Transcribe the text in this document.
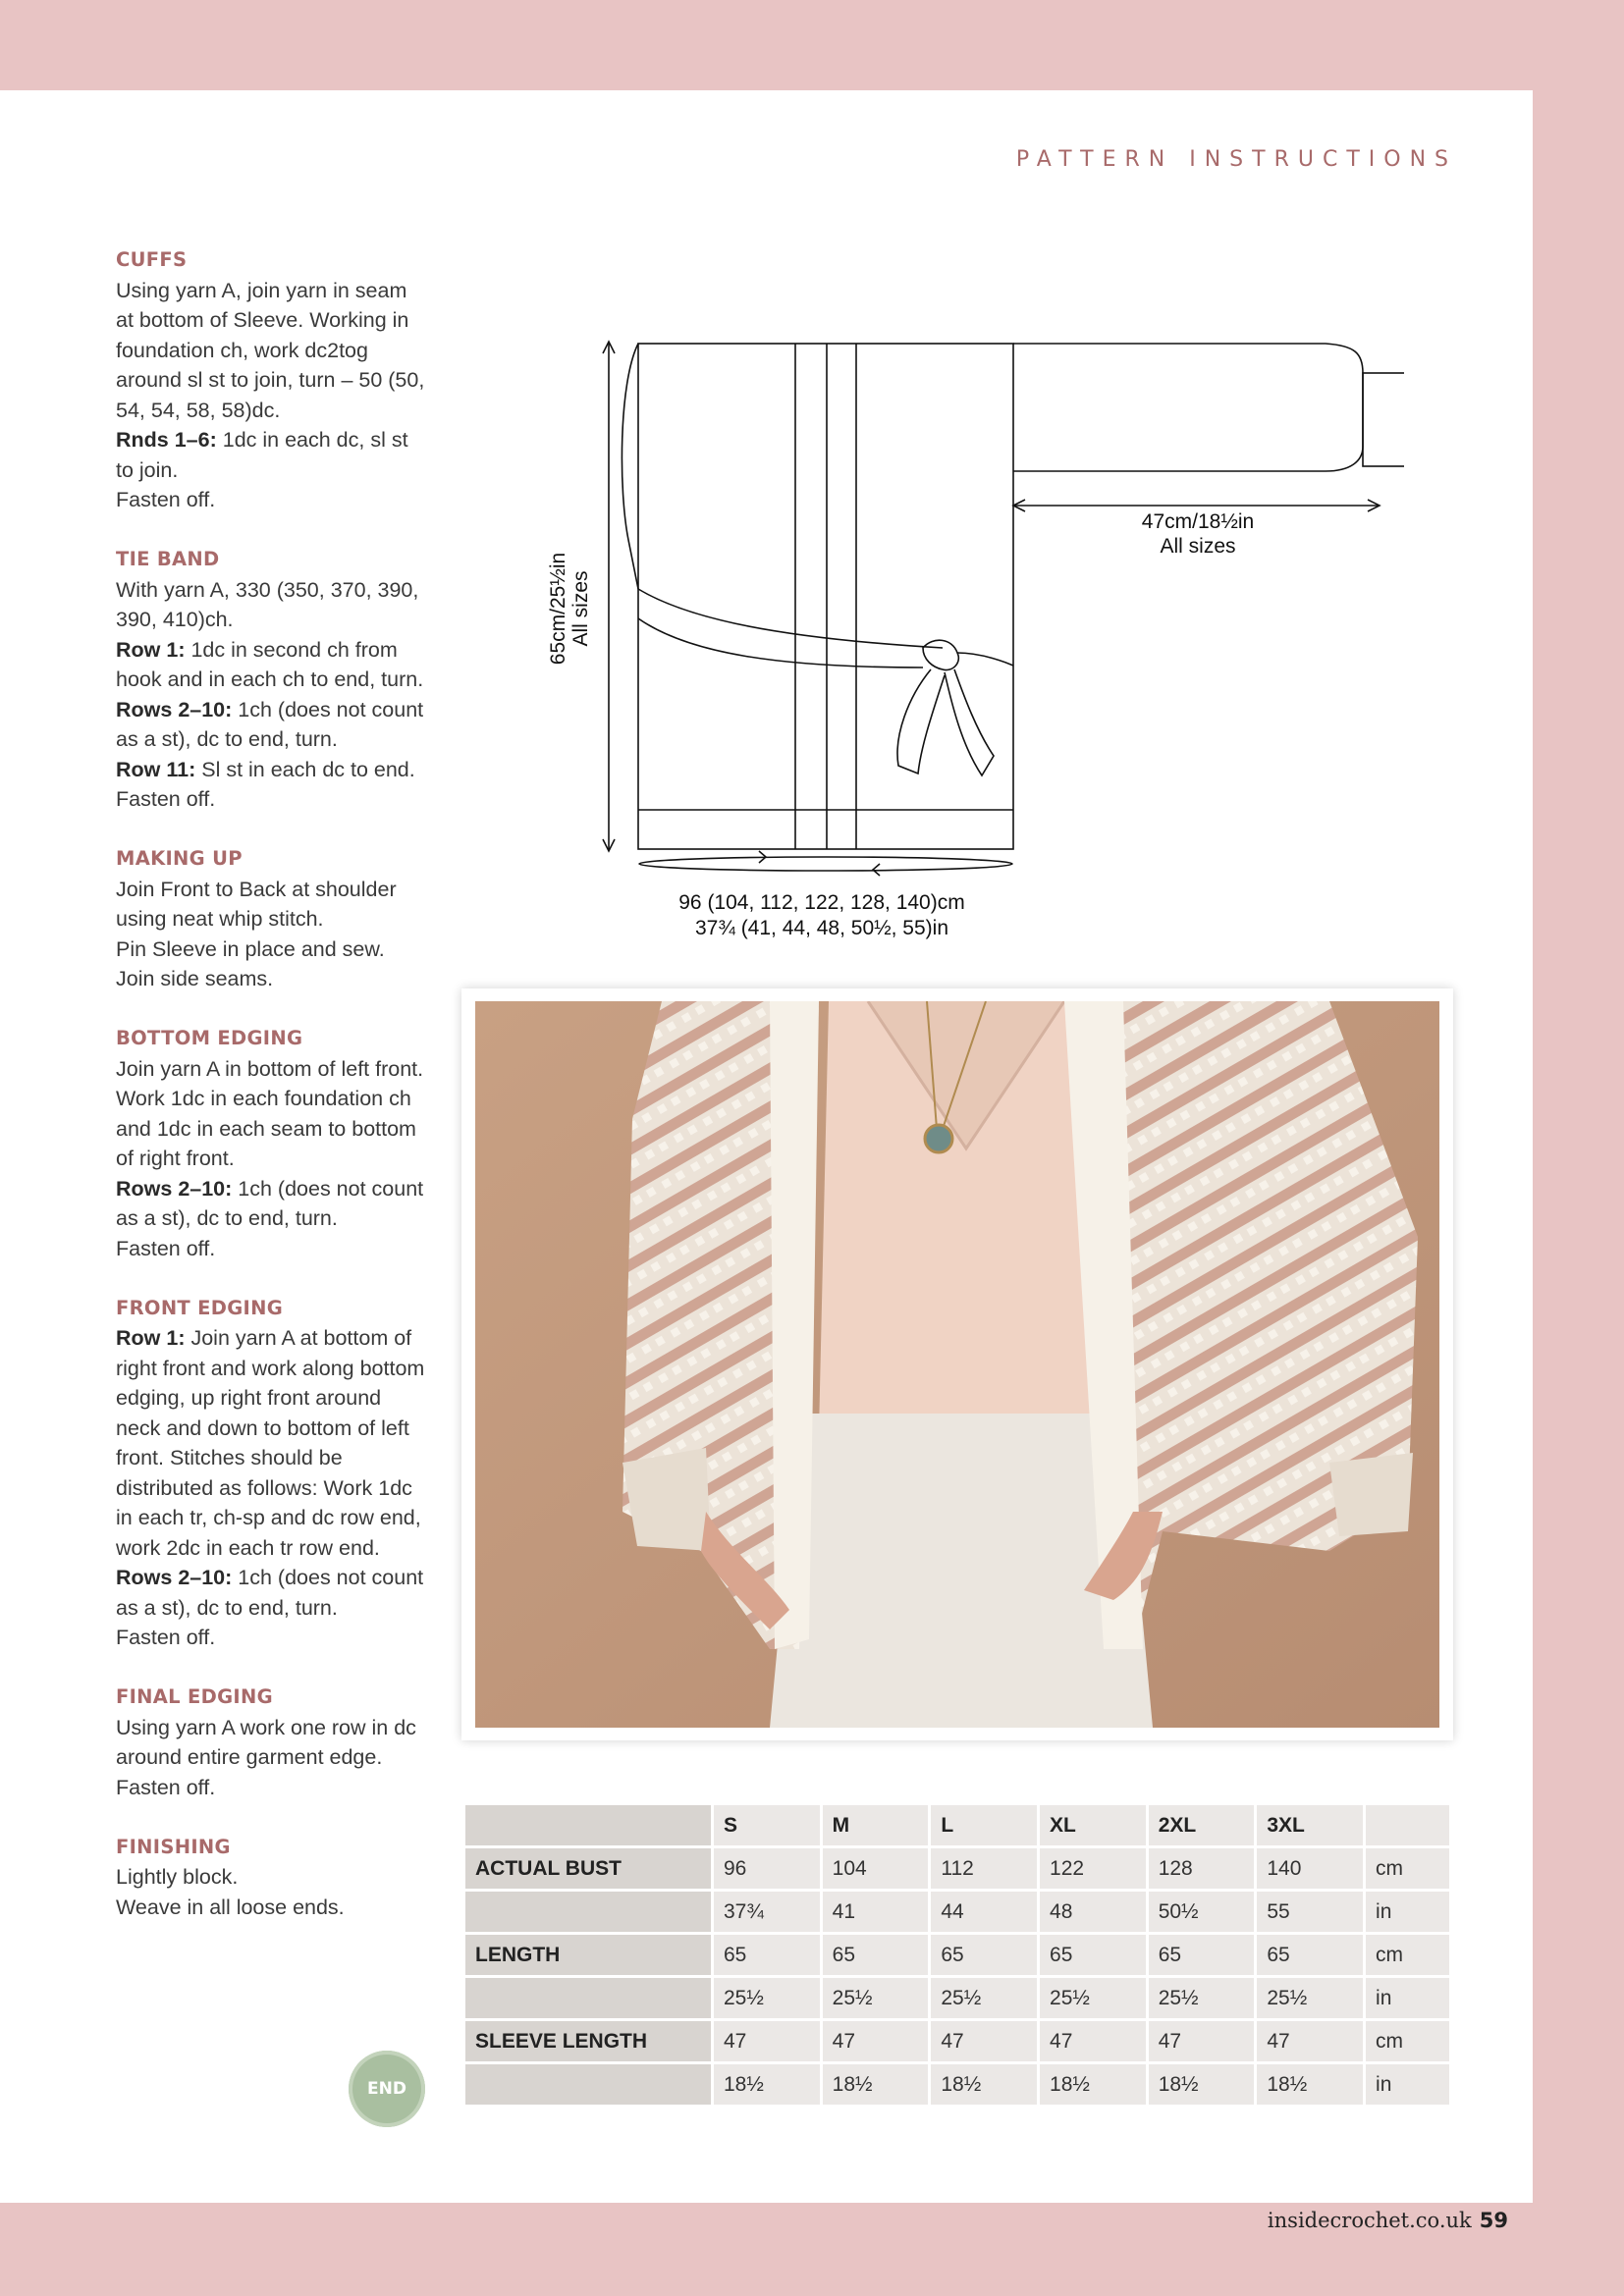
PATTERN INSTRUCTIONS
CUFFS

Using yarn A, join yarn in seam at bottom of Sleeve. Working in foundation ch, work dc2tog around sl st to join, turn – 50 (50, 54, 54, 58, 58)dc.

Rnds 1–6: 1dc in each dc, sl st to join.

Fasten off.

TIE BAND

With yarn A, 330 (350, 370, 390, 390, 410)ch.

Row 1: 1dc in second ch from hook and in each ch to end, turn.

Rows 2–10: 1ch (does not count as a st), dc to end, turn.

Row 11: Sl st in each dc to end.

Fasten off.

MAKING UP

Join Front to Back at shoulder using neat whip stitch.

Pin Sleeve in place and sew.

Join side seams.

BOTTOM EDGING

Join yarn A in bottom of left front.

Work 1dc in each foundation ch and 1dc in each seam to bottom of right front.

Rows 2–10: 1ch (does not count as a st), dc to end, turn.

Fasten off.

FRONT EDGING

Row 1: Join yarn A at bottom of right front and work along bottom edging, up right front around neck and down to bottom of left front. Stitches should be distributed as follows: Work 1dc in each tr, ch-sp and dc row end, work 2dc in each tr row end.

Rows 2–10: 1ch (does not count as a st), dc to end, turn.

Fasten off.

FINAL EDGING

Using yarn A work one row in dc around entire garment edge.

Fasten off.

FINISHING

Lightly block.

Weave in all loose ends.

END
47cm/18½in
All sizes
65cm/25½in All sizes
96 (104, 112, 122, 128, 140)cm
37¾ (41, 44, 48, 50½, 55)in
	S	M	L	XL	2XL	3XL	
ACTUAL BUST	96	104	112	122	128	140	cm
	37¾	41	44	48	50½	55	in
LENGTH	65	65	65	65	65	65	cm
	25½	25½	25½	25½	25½	25½	in
SLEEVE LENGTH	47	47	47	47	47	47	cm
	18½	18½	18½	18½	18½	18½	in
insidecrochet.co.uk 59
